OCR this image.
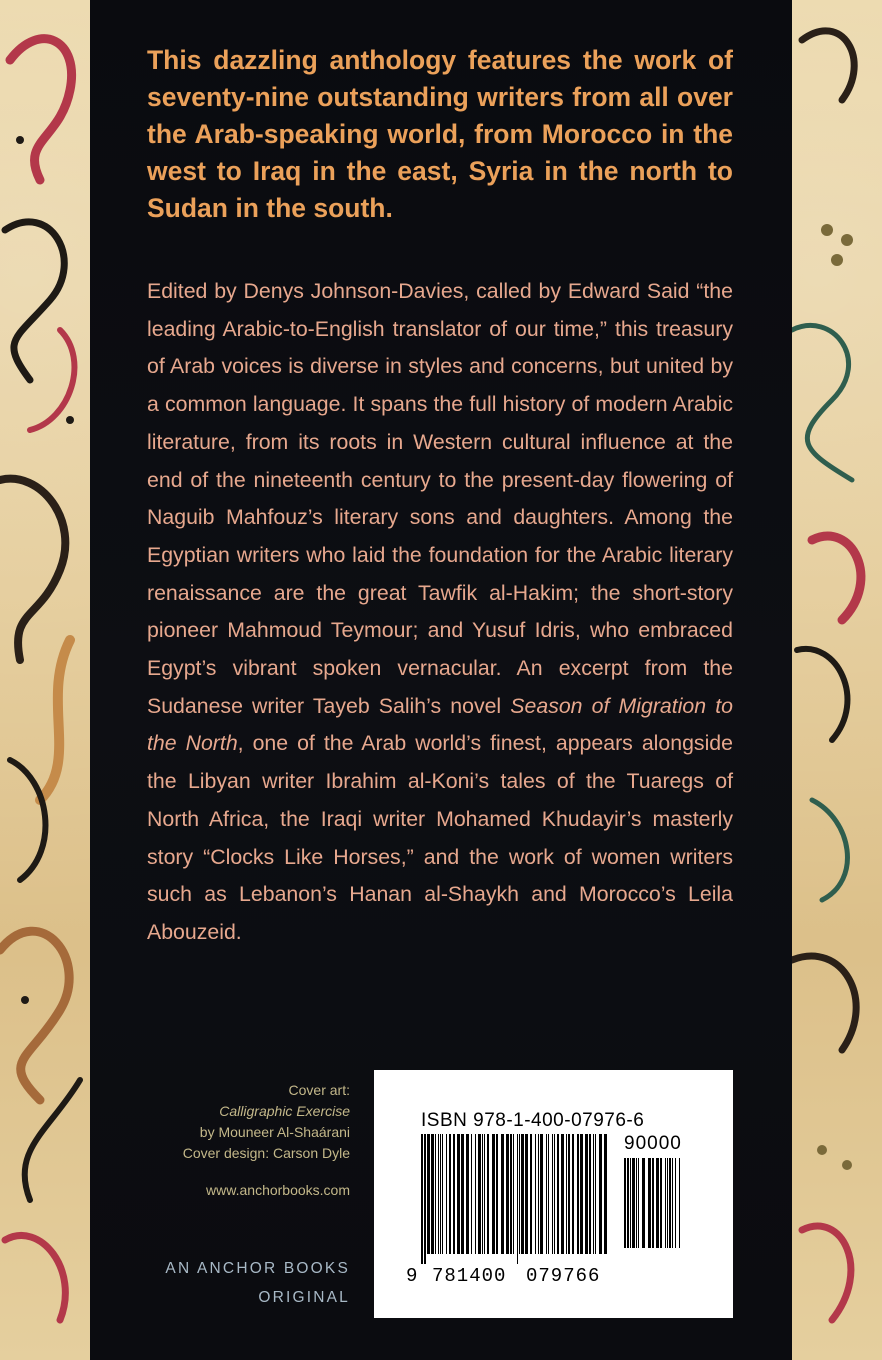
This dazzling anthology features the work of seventy-nine outstanding writers from all over the Arab-speaking world, from Morocco in the west to Iraq in the east, Syria in the north to Sudan in the south.

Edited by Denys Johnson-Davies, called by Edward Said “the leading Arabic-to-English translator of our time,” this treasury of Arab voices is diverse in styles and concerns, but united by a common language. It spans the full history of modern Arabic literature, from its roots in Western cultural influence at the end of the nineteenth century to the present-day flowering of Naguib Mahfouz’s literary sons and daughters. Among the Egyptian writers who laid the foundation for the Arabic literary renaissance are the great Tawfik al-Hakim; the short-story pioneer Mahmoud Teymour; and Yusuf Idris, who embraced Egypt’s vibrant spoken vernacular. An excerpt from the Sudanese writer Tayeb Salih’s novel Season of Migration to the North, one of the Arab world’s finest, appears alongside the Libyan writer Ibrahim al-Koni’s tales of the Tuaregs of North Africa, the Iraqi writer Mohamed Khudayir’s masterly story “Clocks Like Horses,” and the work of women writers such as Lebanon’s Hanan al-Shaykh and Morocco’s Leila Abouzeid.

Cover art:
Calligraphic Exercise
by Mouneer Al-Shaárani
Cover design: Carson Dyle
www.anchorbooks.com
AN ANCHOR BOOKS
ORIGINAL
ISBN 978-1-400-07976-6
90000
9 781400 079766
